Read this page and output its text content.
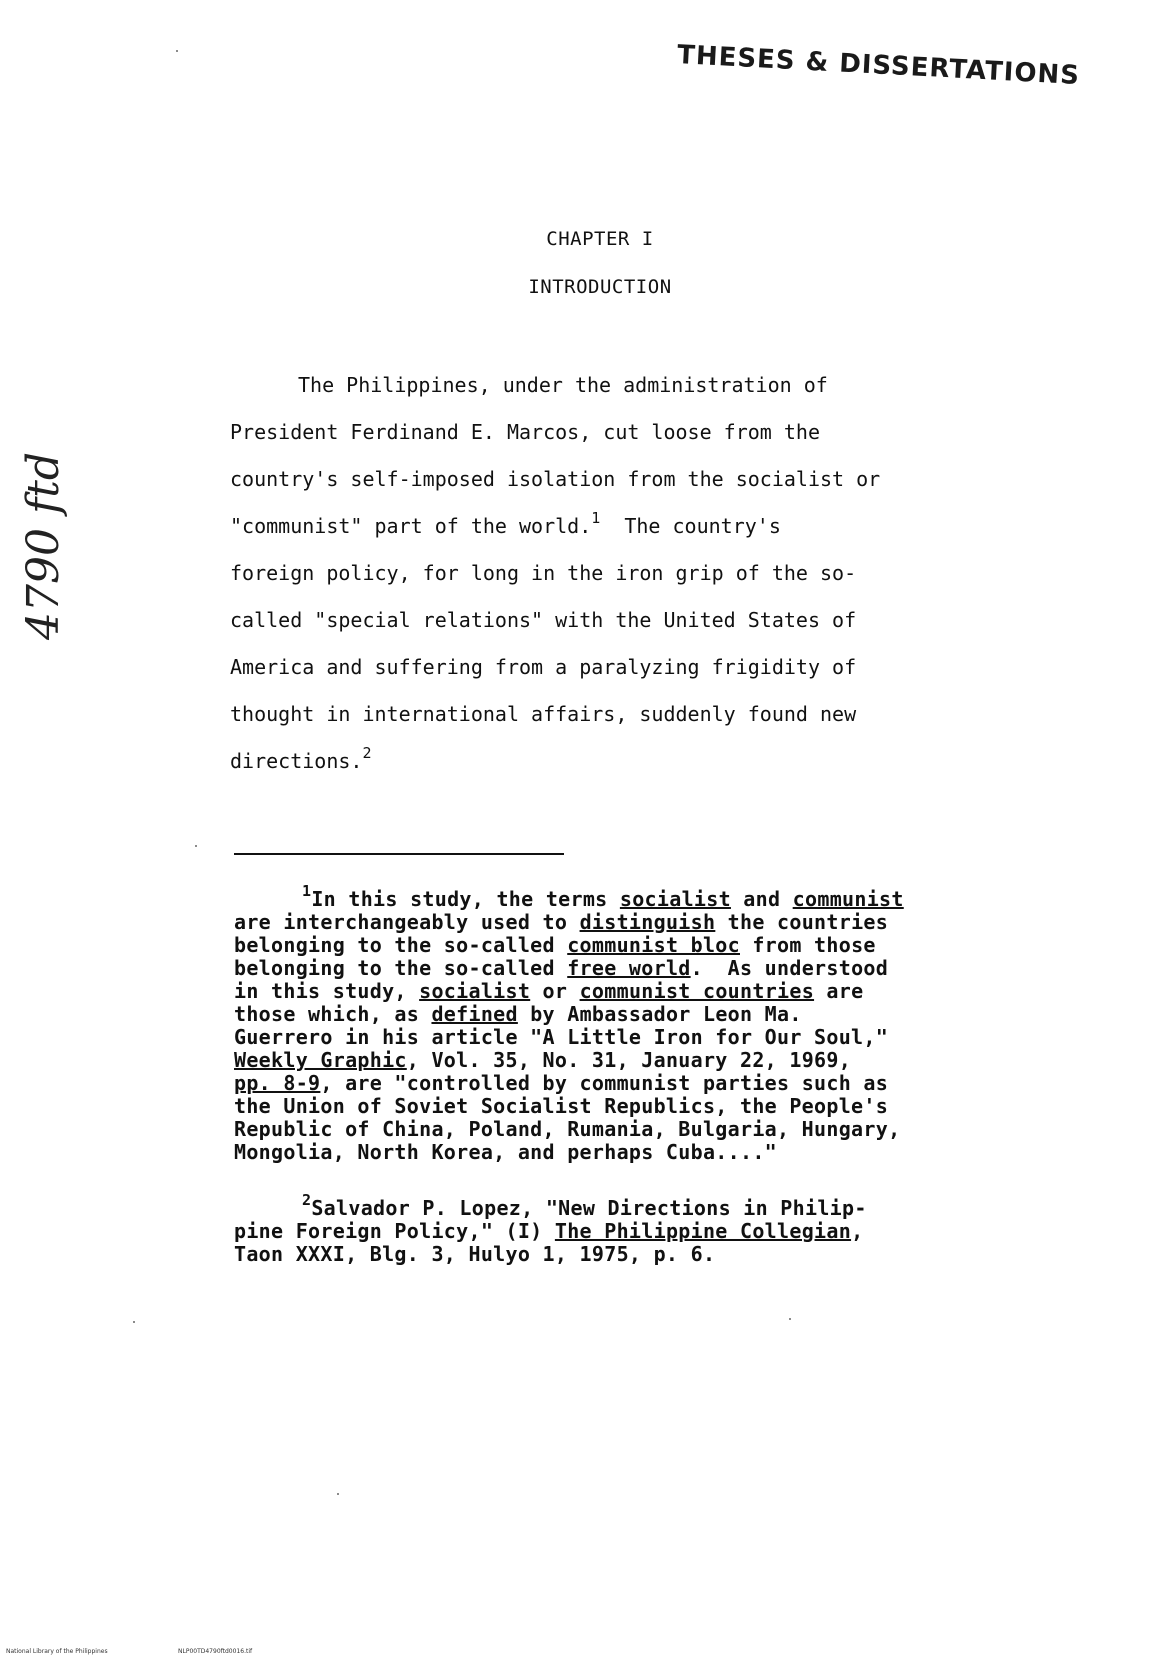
THESES & DISSERTATIONS
4790 ftd
CHAPTER I
INTRODUCTION

The Philippines, under the administration of
President Ferdinand E. Marcos, cut loose from the
country's self-imposed isolation from the socialist or
"communist" part of the world.$^1$  The country's
foreign policy, for long in the iron grip of the so-
called "special relations" with the United States of
America and suffering from a paralyzing frigidity of
thought in international affairs, suddenly found new
directions.$^2$

$^1$In this study, the terms socialist and communist
are interchangeably used to distinguish the countries
belonging to the so-called communist bloc from those
belonging to the so-called free world.  As understood
in this study, socialist or communist countries are
those which, as defined by Ambassador Leon Ma.
Guerrero in his article "A Little Iron for Our Soul,"
Weekly Graphic, Vol. 35, No. 31, January 22, 1969,
pp. 8-9, are "controlled by communist parties such as
the Union of Soviet Socialist Republics, the People's
Republic of China, Poland, Rumania, Bulgaria, Hungary,
Mongolia, North Korea, and perhaps Cuba...."
$^2$Salvador P. Lopez, "New Directions in Philip-
pine Foreign Policy," (I) The Philippine Collegian,
Taon XXXI, Blg. 3, Hulyo 1, 1975, p. 6.
National Library of the Philippines	NLP00TD4790ftd0016.tif
